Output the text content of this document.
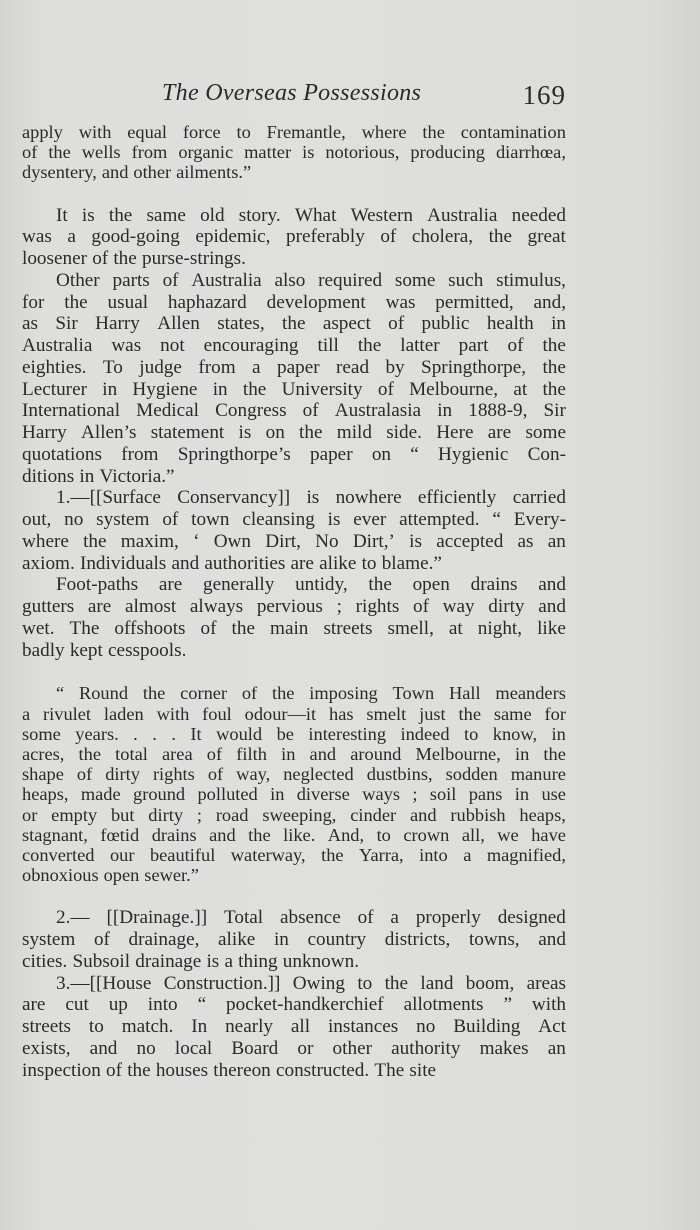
The Overseas Possessions	169
apply with equal force to Fremantle, where the contamination
of the wells from organic matter is notorious, producing diarrhœa,
dysentery, and other ailments.”
It is the same old story. What Western Australia needed
was a good-going epidemic, preferably of cholera, the great
loosener of the purse-strings.
Other parts of Australia also required some such stimulus,
for the usual haphazard development was permitted, and,
as Sir Harry Allen states, the aspect of public health in
Australia was not encouraging till the latter part of the
eighties. To judge from a paper read by Springthorpe, the
Lecturer in Hygiene in the University of Melbourne, at the
International Medical Congress of Australasia in 1888-9, Sir
Harry Allen’s statement is on the mild side. Here are some
quotations from Springthorpe’s paper on “ Hygienic Con-
ditions in Victoria.”
1.—[[Surface Conservancy]] is nowhere efficiently carried
out, no system of town cleansing is ever attempted. “ Every-
where the maxim, ‘ Own Dirt, No Dirt,’ is accepted as an
axiom. Individuals and authorities are alike to blame.”
Foot-paths are generally untidy, the open drains and
gutters are almost always pervious ; rights of way dirty and
wet. The offshoots of the main streets smell, at night, like
badly kept cesspools.
“ Round the corner of the imposing Town Hall meanders
a rivulet laden with foul odour—it has smelt just the same for
some years. . . . It would be interesting indeed to know, in
acres, the total area of filth in and around Melbourne, in the
shape of dirty rights of way, neglected dustbins, sodden manure
heaps, made ground polluted in diverse ways ; soil pans in use
or empty but dirty ; road sweeping, cinder and rubbish heaps,
stagnant, fœtid drains and the like. And, to crown all, we have
converted our beautiful waterway, the Yarra, into a magnified,
obnoxious open sewer.”
2.— [[Drainage.]] Total absence of a properly designed
system of drainage, alike in country districts, towns, and
cities. Subsoil drainage is a thing unknown.
3.—[[House Construction.]] Owing to the land boom, areas
are cut up into “ pocket-handkerchief allotments ” with
streets to match. In nearly all instances no Building Act
exists, and no local Board or other authority makes an
inspection of the houses thereon constructed. The site
